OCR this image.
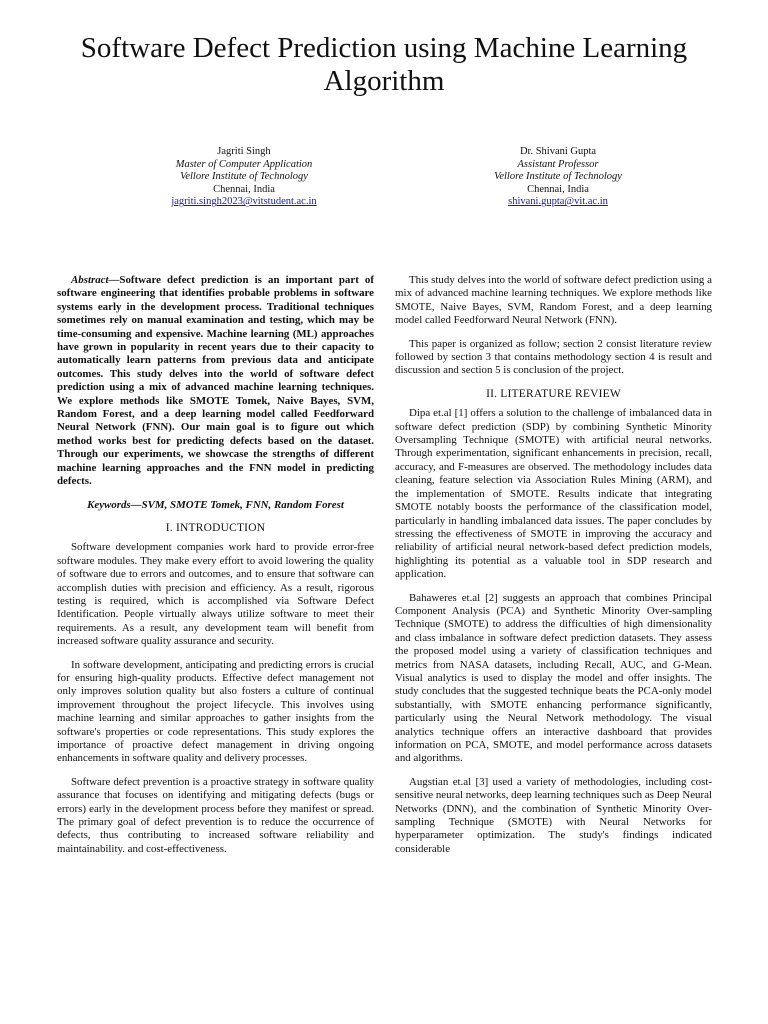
Software Defect Prediction using Machine Learning Algorithm
Jagriti Singh
Master of Computer Application
Vellore Institute of Technology
Chennai, India
jagriti.singh2023@vitstudent.ac.in
Dr. Shivani Gupta
Assistant Professor
Vellore Institute of Technology
Chennai, India
shivani.gupta@vit.ac.in

Abstract—Software defect prediction is an important part of software engineering that identifies probable problems in software systems early in the development process. Traditional techniques sometimes rely on manual examination and testing, which may be time-consuming and expensive. Machine learning (ML) approaches have grown in popularity in recent years due to their capacity to automatically learn patterns from previous data and anticipate outcomes. This study delves into the world of software defect prediction using a mix of advanced machine learning techniques. We explore methods like SMOTE Tomek, Naive Bayes, SVM, Random Forest, and a deep learning model called Feedforward Neural Network (FNN). Our main goal is to figure out which method works best for predicting defects based on the dataset. Through our experiments, we showcase the strengths of different machine learning approaches and the FNN model in predicting defects.

Keywords—SVM, SMOTE Tomek, FNN, Random Forest

I. INTRODUCTION

Software development companies work hard to provide error-free software modules. They make every effort to avoid lowering the quality of software due to errors and outcomes, and to ensure that software can accomplish duties with precision and efficiency. As a result, rigorous testing is required, which is accomplished via Software Defect Identification. People virtually always utilize software to meet their requirements. As a result, any development team will benefit from increased software quality assurance and security.

In software development, anticipating and predicting errors is crucial for ensuring high-quality products. Effective defect management not only improves solution quality but also fosters a culture of continual improvement throughout the project lifecycle. This involves using machine learning and similar approaches to gather insights from the software's properties or code representations. This study explores the importance of proactive defect management in driving ongoing enhancements in software quality and delivery processes.

Software defect prevention is a proactive strategy in software quality assurance that focuses on identifying and mitigating defects (bugs or errors) early in the development process before they manifest or spread. The primary goal of defect prevention is to reduce the occurrence of defects, thus contributing to increased software reliability and maintainability. and cost-effectiveness.

This study delves into the world of software defect prediction using a mix of advanced machine learning techniques. We explore methods like SMOTE, Naive Bayes, SVM, Random Forest, and a deep learning model called Feedforward Neural Network (FNN).

This paper is organized as follow; section 2 consist literature review followed by section 3 that contains methodology section 4 is result and discussion and section 5 is conclusion of the project.

II. LITERATURE REVIEW

Dipa et.al [1] offers a solution to the challenge of imbalanced data in software defect prediction (SDP) by combining Synthetic Minority Oversampling Technique (SMOTE) with artificial neural networks. Through experimentation, significant enhancements in precision, recall, accuracy, and F-measures are observed. The methodology includes data cleaning, feature selection via Association Rules Mining (ARM), and the implementation of SMOTE. Results indicate that integrating SMOTE notably boosts the performance of the classification model, particularly in handling imbalanced data issues. The paper concludes by stressing the effectiveness of SMOTE in improving the accuracy and reliability of artificial neural network-based defect prediction models, highlighting its potential as a valuable tool in SDP research and application.

Bahaweres et.al [2] suggests an approach that combines Principal Component Analysis (PCA) and Synthetic Minority Over-sampling Technique (SMOTE) to address the difficulties of high dimensionality and class imbalance in software defect prediction datasets. They assess the proposed model using a variety of classification techniques and metrics from NASA datasets, including Recall, AUC, and G-Mean. Visual analytics is used to display the model and offer insights. The study concludes that the suggested technique beats the PCA-only model substantially, with SMOTE enhancing performance significantly, particularly using the Neural Network methodology. The visual analytics technique offers an interactive dashboard that provides information on PCA, SMOTE, and model performance across datasets and algorithms.

Augstian et.al [3] used a variety of methodologies, including cost-sensitive neural networks, deep learning techniques such as Deep Neural Networks (DNN), and the combination of Synthetic Minority Over-sampling Technique (SMOTE) with Neural Networks for hyperparameter optimization. The study's findings indicated considerable
